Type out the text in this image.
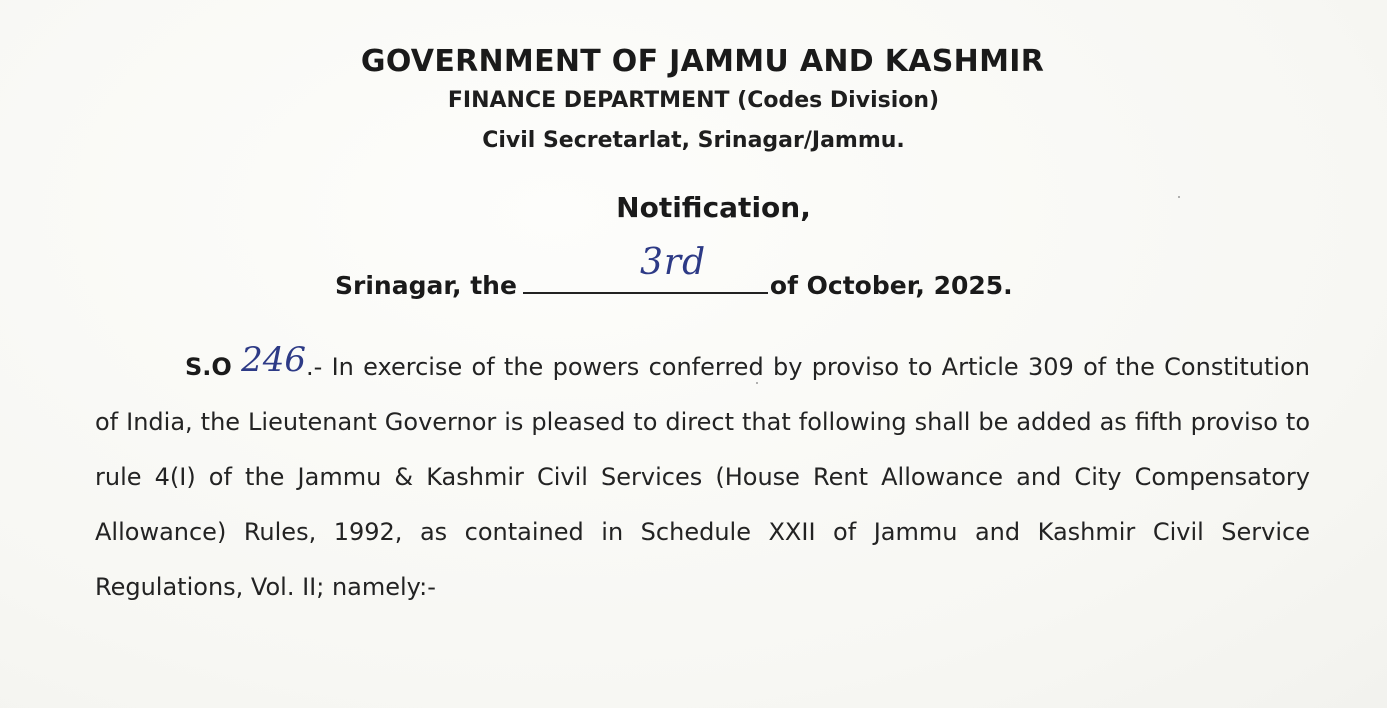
GOVERNMENT OF JAMMU AND KASHMIR
FINANCE DEPARTMENT (Codes Division)
Civil Secretarlat, Srinagar/Jammu.
Notification,
3rd
Srinagar, the	of October, 2025.

S.O 246.- In exercise of the powers conferred by proviso to Article 309 of the Constitution of India, the Lieutenant Governor is pleased to direct that following shall be added as fifth proviso to rule 4(I) of the Jammu & Kashmir Civil Services (House Rent Allowance and City Compensatory Allowance) Rules, 1992, as contained in Schedule XXII of Jammu and Kashmir Civil Service Regulations, Vol. II; namely:-
